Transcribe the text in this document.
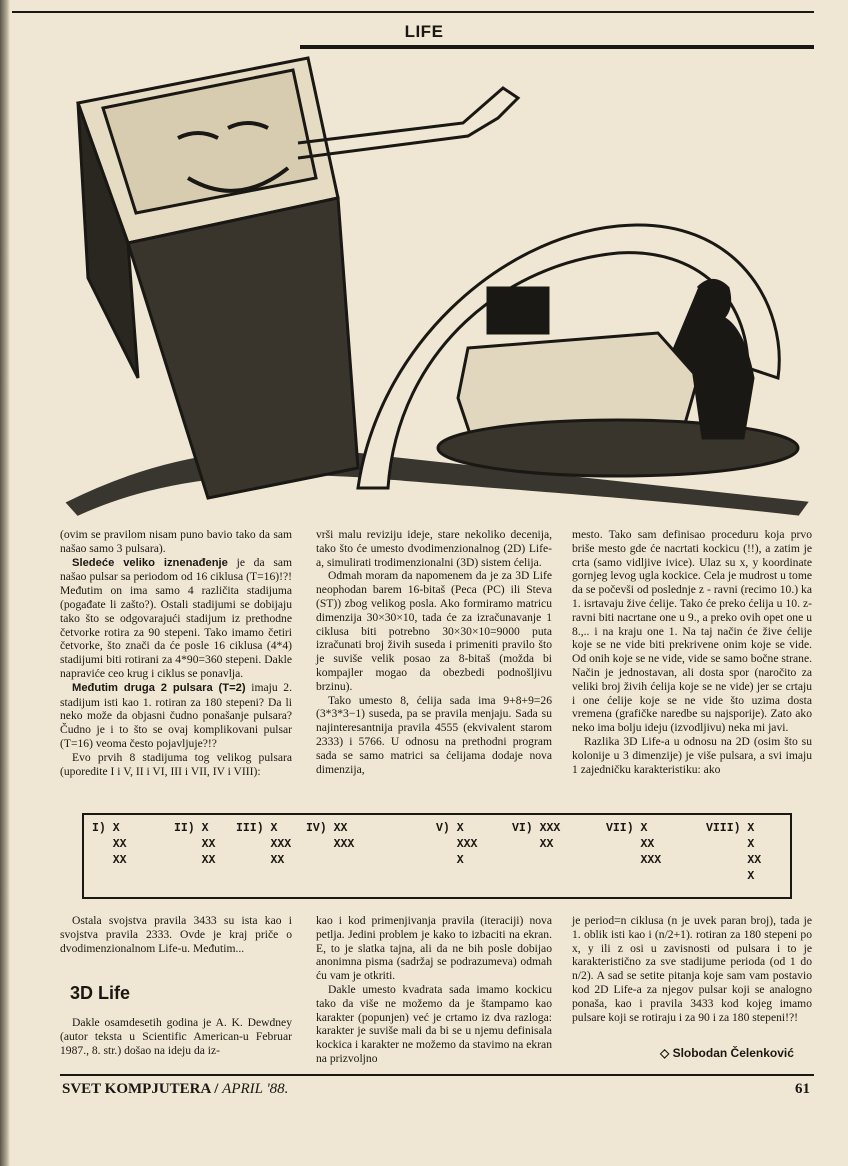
LIFE

(ovim se pravilom nisam puno bavio tako da sam našao samo 3 pulsara).

Sledeće veliko iznenađenje je da sam našao pulsar sa periodom od 16 ciklusa (T=16)!?! Međutim on ima samo 4 različita stadijuma (pogađate li zašto?). Ostali stadijumi se dobijaju tako što se odgovarajući stadijum iz prethodne četvorke rotira za 90 stepeni. Tako imamo četiri četvorke, što znači da će posle 16 ciklusa (4*4) stadijumi biti rotirani za 4*90=360 stepeni. Dakle napraviće ceo krug i ciklus se ponavlja.

Međutim druga 2 pulsara (T=2) imaju 2. stadijum isti kao 1. rotiran za 180 stepeni? Da li neko može da objasni čudno ponašanje pulsara? Čudno je i to što se ovaj komplikovani pulsar (T=16) veoma često pojavljuje?!?

Evo prvih 8 stadijuma tog velikog pulsara (uporedite I i V, II i VI, III i VII, IV i VIII):

vrši malu reviziju ideje, stare nekoliko decenija, tako što će umesto dvodimenzionalnog (2D) Life-a, simulirati trodimenzionalni (3D) sistem ćelija.

Odmah moram da napomenem da je za 3D Life neophodan barem 16-bitaš (Peca (PC) ili Steva (ST)) zbog velikog posla. Ako formiramo matricu dimenzija 30×30×10, tada će za izračunavanje 1 ciklusa biti potrebno 30×30×10=9000 puta izračunati broj živih suseda i primeniti pravilo što je suviše velik posao za 8-bitaš (možda bi kompajler mogao da obezbedi podnošljivu brzinu).

Tako umesto 8, ćelija sada ima 9+8+9=26 (3*3*3−1) suseda, pa se pravila menjaju. Sada su najinteresantnija pravila 4555 (ekvivalent starom 2333) i 5766. U odnosu na prethodni program sada se samo matrici sa ćelijama dodaje nova dimenzija,

mesto. Tako sam definisao proceduru koja prvo briše mesto gde će nacrtati kockicu (!!), a zatim je crta (samo vidljive ivice). Ulaz su x, y koordinate gornjeg levog ugla kockice. Cela je mudrost u tome da se počevši od poslednje z - ravni (recimo 10.) ka 1. isrtavaju žive ćelije. Tako će preko ćelija u 10. z-ravni biti nacrtane one u 9., a preko ovih opet one u 8.,.. i na kraju one 1. Na taj način će žive ćelije koje se ne vide biti prekrivene onim koje se vide. Od onih koje se ne vide, vide se samo bočne strane. Način je jednostavan, ali dosta spor (naročito za veliki broj živih ćelija koje se ne vide) jer se crtaju i one ćelije koje se ne vide što uzima dosta vremena (grafičke naredbe su najsporije). Zato ako neko ima bolju ideju (izvodljivu) neka mi javi.

Razlika 3D Life-a u odnosu na 2D (osim što su kolonije u 3 dimenzije) je više pulsara, a svi imaju 1 zajedničku karakteristiku: ako

I) X
XX
XX
II) X
XX
XX
III) X
XXX
XX
IV) XX
XXX

V) X
XXX
X
VI) XXX
XX

VII) X
XX
XXX
VIII) X
X
XX
X

Ostala svojstva pravila 3433 su ista kao i svojstva pravila 2333. Ovde je kraj priče o dvodimenzionalnom Life-u. Međutim...

3D Life

Dakle osamdesetih godina je A. K. Dewdney (autor teksta u Scientific American-u Februar 1987., 8. str.) došao na ideju da iz-

kao i kod primenjivanja pravila (iteraciji) nova petlja. Jedini problem je kako to izbaciti na ekran. E, to je slatka tajna, ali da ne bih posle dobijao anonimna pisma (sadržaj se podrazumeva) odmah ću vam je otkriti.

Dakle umesto kvadrata sada imamo kockicu tako da više ne možemo da je štampamo kao karakter (popunjen) već je crtamo iz dva razloga: karakter je suviše mali da bi se u njemu definisala kockica i karakter ne možemo da stavimo na ekran na prizvoljno

je period=n ciklusa (n je uvek paran broj), tada je 1. oblik isti kao i (n/2+1). rotiran za 180 stepeni po x, y ili z osi u zavisnosti od pulsara i to je karakteristično za sve stadijume perioda (od 1 do n/2). A sad se setite pitanja koje sam vam postavio kod 2D Life-a za njegov pulsar koji se analogno ponaša, kao i pravila 3433 kod kojeg imamo pulsare koji se rotiraju i za 90 i za 180 stepeni!?!

◇ Slobodan Čelenković
SVET KOMPJUTERA / APRIL '88.	61
